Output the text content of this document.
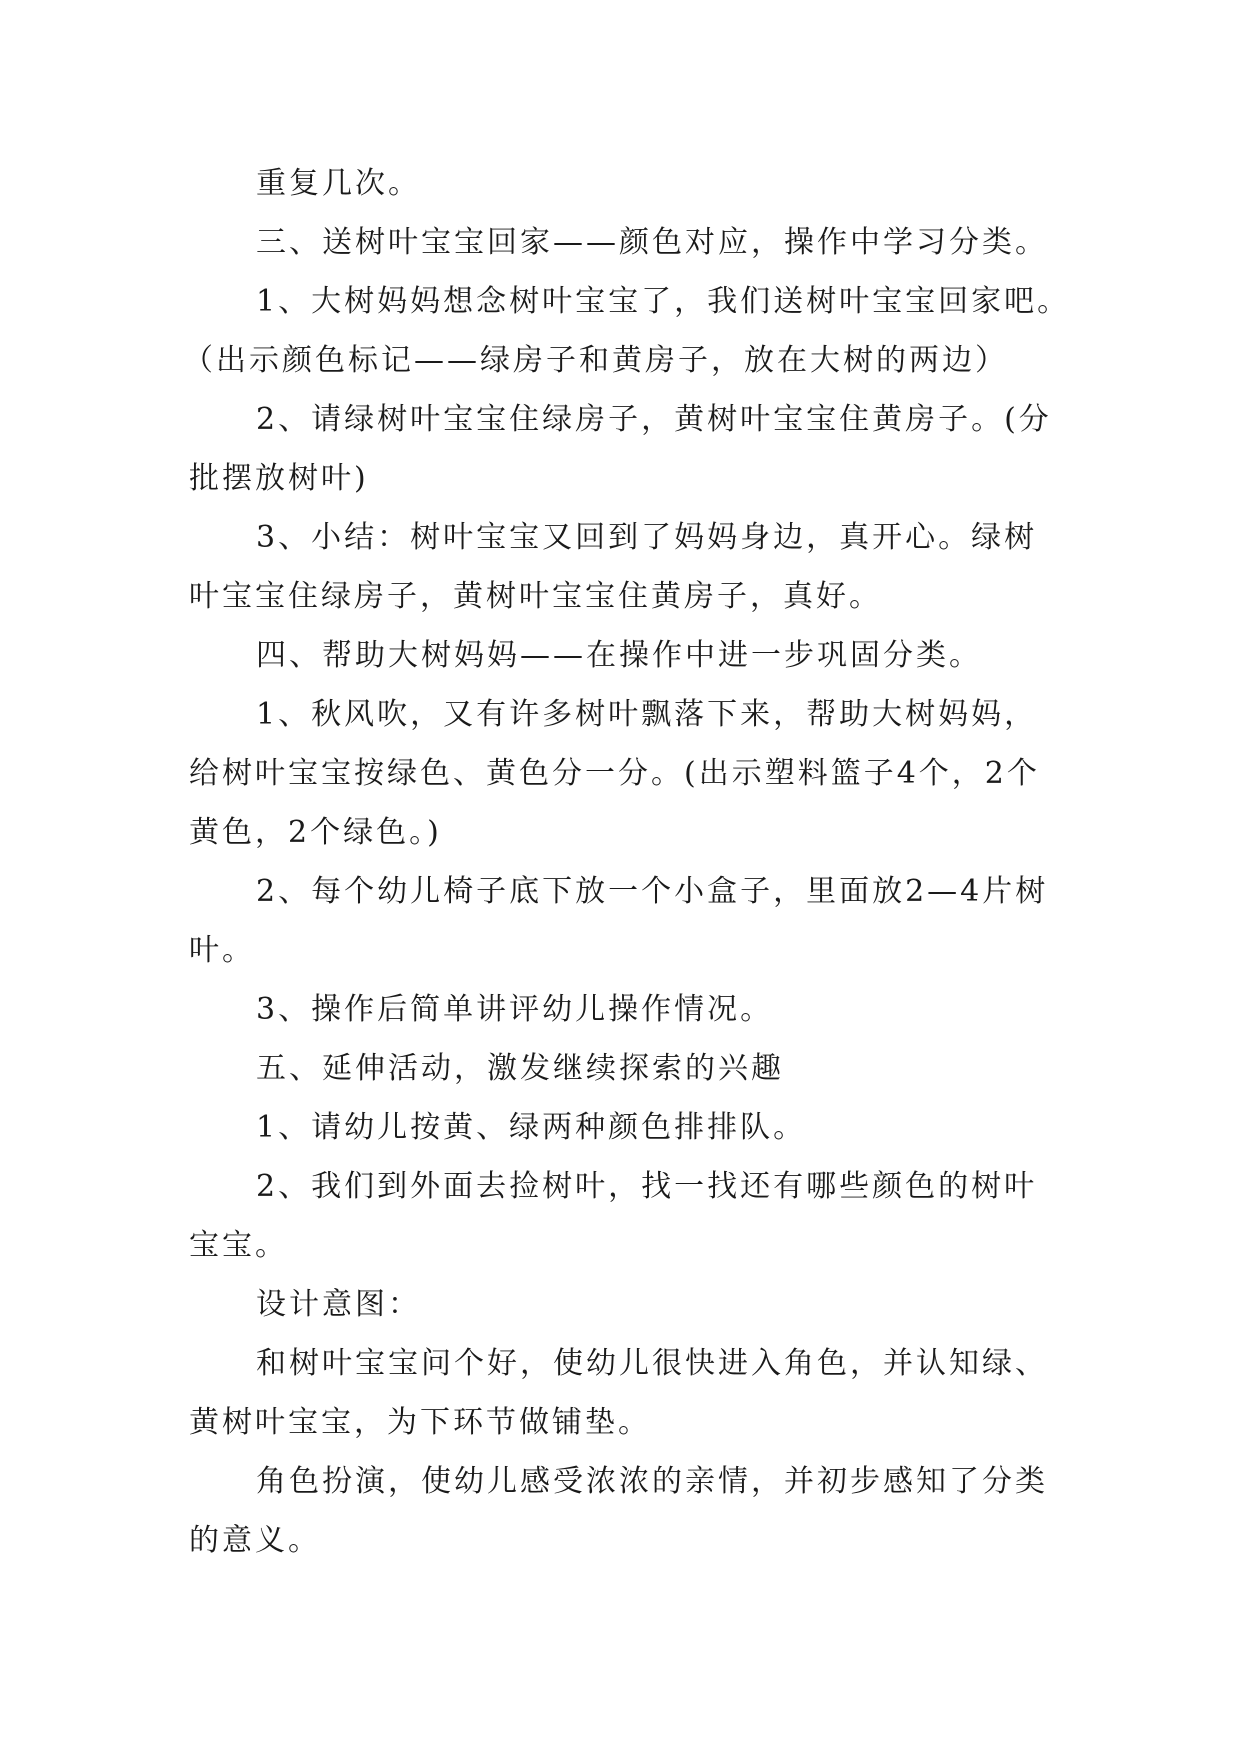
重复几次。
三、送树叶宝宝回家——颜色对应，操作中学习分类。
1、大树妈妈想念树叶宝宝了，我们送树叶宝宝回家吧。
（出示颜色标记——绿房子和黄房子，放在大树的两边）
2、请绿树叶宝宝住绿房子，黄树叶宝宝住黄房子。(分
批摆放树叶)
3、小结：树叶宝宝又回到了妈妈身边，真开心。绿树
叶宝宝住绿房子，黄树叶宝宝住黄房子，真好。
四、帮助大树妈妈——在操作中进一步巩固分类。
1、秋风吹，又有许多树叶飘落下来，帮助大树妈妈，
给树叶宝宝按绿色、黄色分一分。(出示塑料篮子4个，2个
黄色，2个绿色。)
2、每个幼儿椅子底下放一个小盒子，里面放2—4片树
叶。
3、操作后简单讲评幼儿操作情况。
五、延伸活动，激发继续探索的兴趣
1、请幼儿按黄、绿两种颜色排排队。
2、我们到外面去捡树叶，找一找还有哪些颜色的树叶
宝宝。
设计意图：
和树叶宝宝问个好，使幼儿很快进入角色，并认知绿、
黄树叶宝宝，为下环节做铺垫。
角色扮演，使幼儿感受浓浓的亲情，并初步感知了分类
的意义。
